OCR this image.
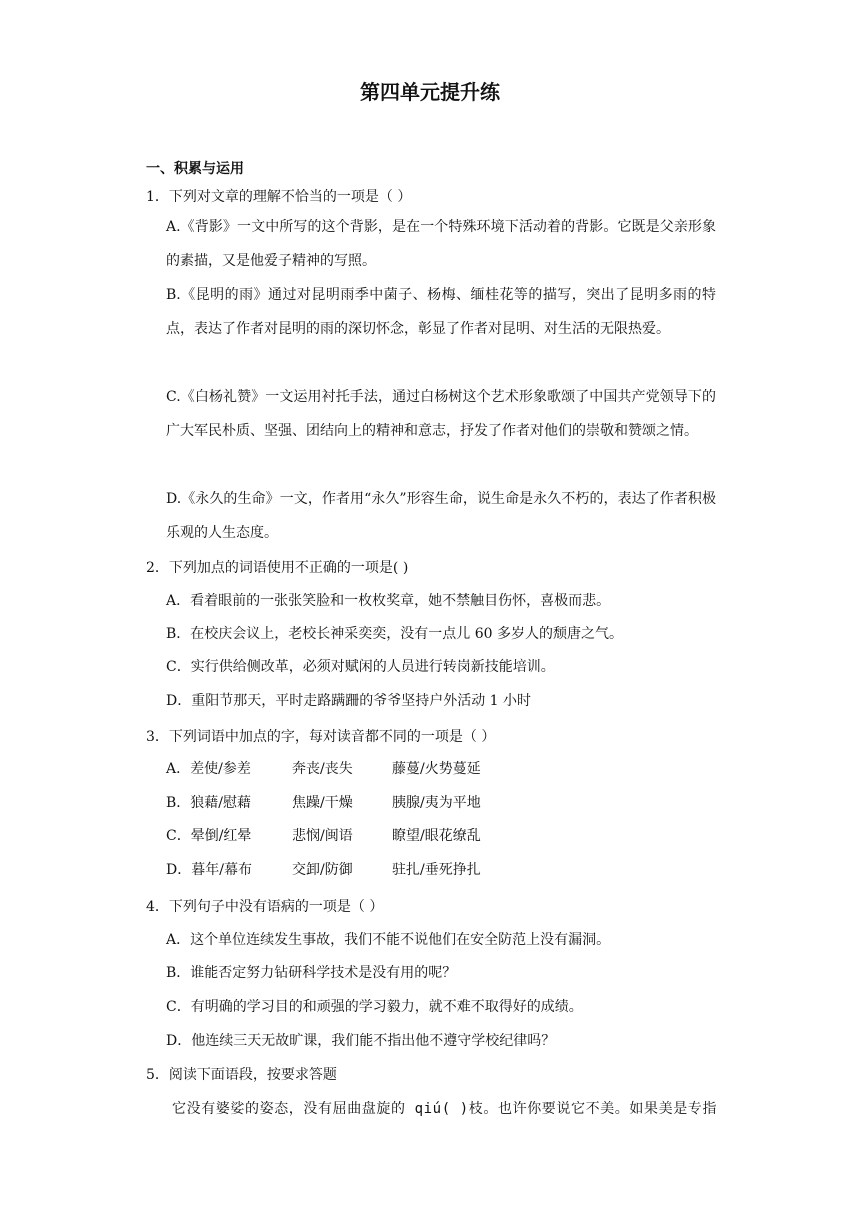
第四单元提升练
一、积累与运用
1．下列对文章的理解不恰当的一项是（ ）
A.《背影》一文中所写的这个背影，是在一个特殊环境下活动着的背影。它既是父亲形象的素描，又是他爱子精神的写照。
B.《昆明的雨》通过对昆明雨季中菌子、杨梅、缅桂花等的描写，突出了昆明多雨的特点，表达了作者对昆明的雨的深切怀念，彰显了作者对昆明、对生活的无限热爱。
C.《白杨礼赞》一文运用衬托手法，通过白杨树这个艺术形象歌颂了中国共产党领导下的广大军民朴质、坚强、团结向上的精神和意志，抒发了作者对他们的崇敬和赞颂之情。
D.《永久的生命》一文，作者用“永久”形容生命，说生命是永久不朽的，表达了作者积极乐观的人生态度。
2．下列加点的词语使用不正确的一项是( )
A．看着眼前的一张张笑脸和一枚枚奖章，她不禁触目伤怀，喜极而悲。
B．在校庆会议上，老校长神采奕奕，没有一点儿 60 多岁人的颓唐之气。
C．实行供给侧改革，必须对赋闲的人员进行转岗新技能培训。
D．重阳节那天，平时走路蹒跚的爷爷坚持户外活动 1 小时
3．下列词语中加点的字，每对读音都不同的一项是（ ）
A．差使/参差	奔丧/丧失	藤蔓/火势蔓延
B．狼藉/慰藉	焦躁/干燥	胰腺/夷为平地
C．晕倒/红晕	悲悯/闽语	瞭望/眼花缭乱
D．暮年/幕布	交卸/防御	驻扎/垂死挣扎
4．下列句子中没有语病的一项是（ ）
A．这个单位连续发生事故，我们不能不说他们在安全防范上没有漏洞。
B．谁能否定努力钻研科学技术是没有用的呢？
C．有明确的学习目的和顽强的学习毅力，就不难不取得好的成绩。
D．他连续三天无故旷课，我们能不指出他不遵守学校纪律吗？
5．阅读下面语段，按要求答题
它没有婆娑的姿态，没有屈曲盘旋的 qiú( )枝。也许你要说它不美。如果美是专指
